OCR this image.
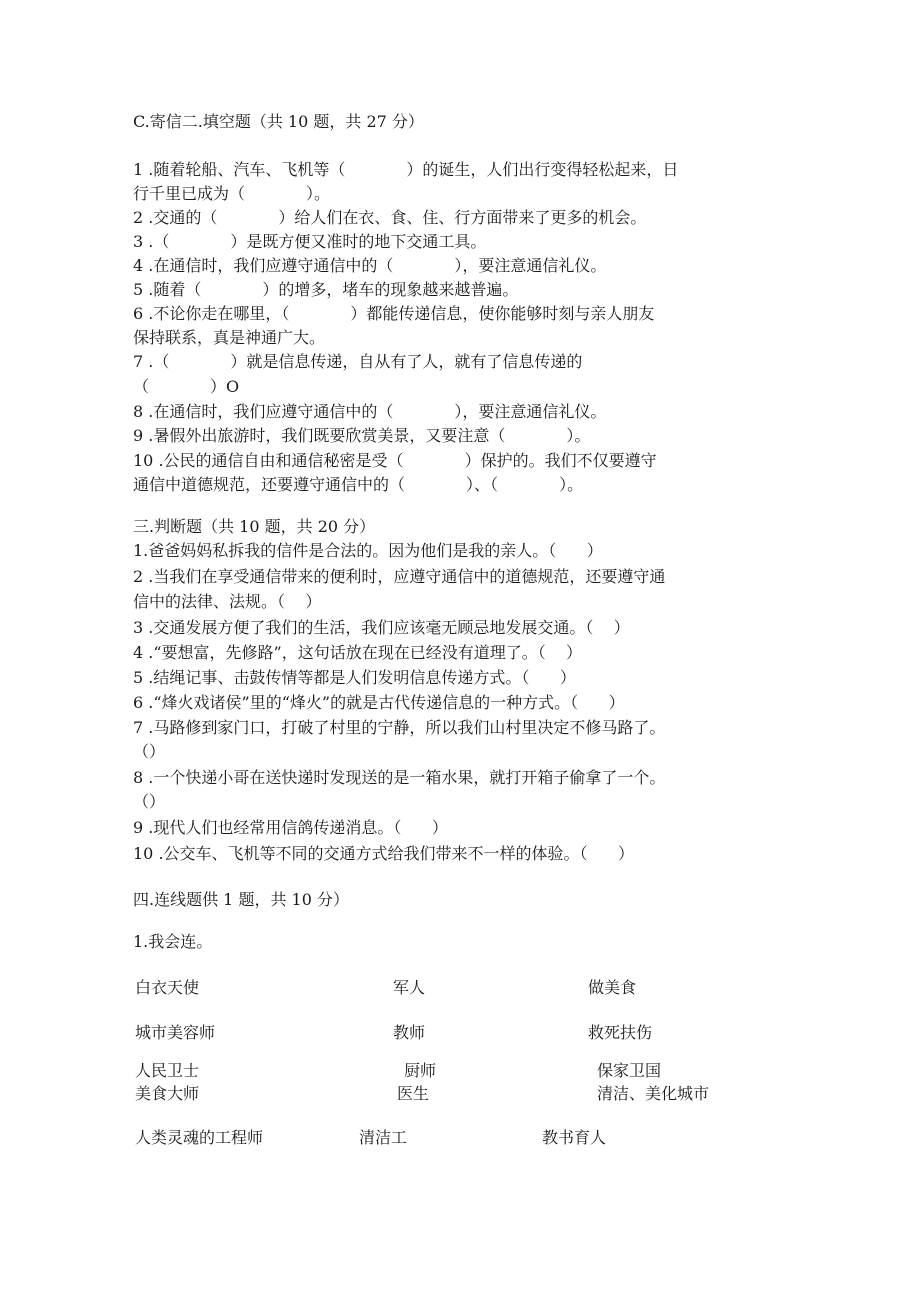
C.寄信二.填空题（共 10 题，共 27 分）
1 .随着轮船、汽车、飞机等（            ）的诞生，人们出行变得轻松起来，日
行千里已成为（            ）。
2 .交通的（            ）给人们在衣、食、住、行方面带来了更多的机会。
3 .（            ）是既方便又准时的地下交通工具。
4 .在通信时，我们应遵守通信中的（            ），要注意通信礼仪。
5 .随着（            ）的增多，堵车的现象越来越普遍。
6 .不论你走在哪里，（            ）都能传递信息，使你能够时刻与亲人朋友
保持联系，真是神通广大。
7 .（            ）就是信息传递，自从有了人，就有了信息传递的
（            ）O
8 .在通信时，我们应遵守通信中的（            ），要注意通信礼仪。
9 .暑假外出旅游时，我们既要欣赏美景，又要注意（            ）。
10 .公民的通信自由和通信秘密是受（            ）保护的。我们不仅要遵守
通信中道德规范，还要遵守通信中的（            ）、（            ）。
三.判断题（共 10 题，共 20 分）
1.爸爸妈妈私拆我的信件是合法的。因为他们是我的亲人。（      ）
2 .当我们在享受通信带来的便利时，应遵守通信中的道德规范，还要遵守通
信中的法律、法规。（    ）
3 .交通发展方便了我们的生活，我们应该毫无顾忌地发展交通。（    ）
4 .“要想富，先修路”，这句话放在现在已经没有道理了。（    ）
5 .结绳记事、击鼓传情等都是人们发明信息传递方式。（      ）
6 .“烽火戏诸侯”里的“烽火”的就是古代传递信息的一种方式。（      ）
7 .马路修到家门口，打破了村里的宁静，所以我们山村里决定不修马路了。
（）
8 .一个快递小哥在送快递时发现送的是一箱水果，就打开箱子偷拿了一个。
（）
9 .现代人们也经常用信鸽传递消息。（      ）
10 .公交车、飞机等不同的交通方式给我们带来不一样的体验。（      ）
四.连线题供 1 题，共 10 分）
1.我会连。
白衣天使	军人	做美食
城市美容师	教师	救死扶伤
人民卫士	厨师	保家卫国
美食大师	医生	清洁、美化城市
人类灵魂的工程师	清洁工	教书育人
